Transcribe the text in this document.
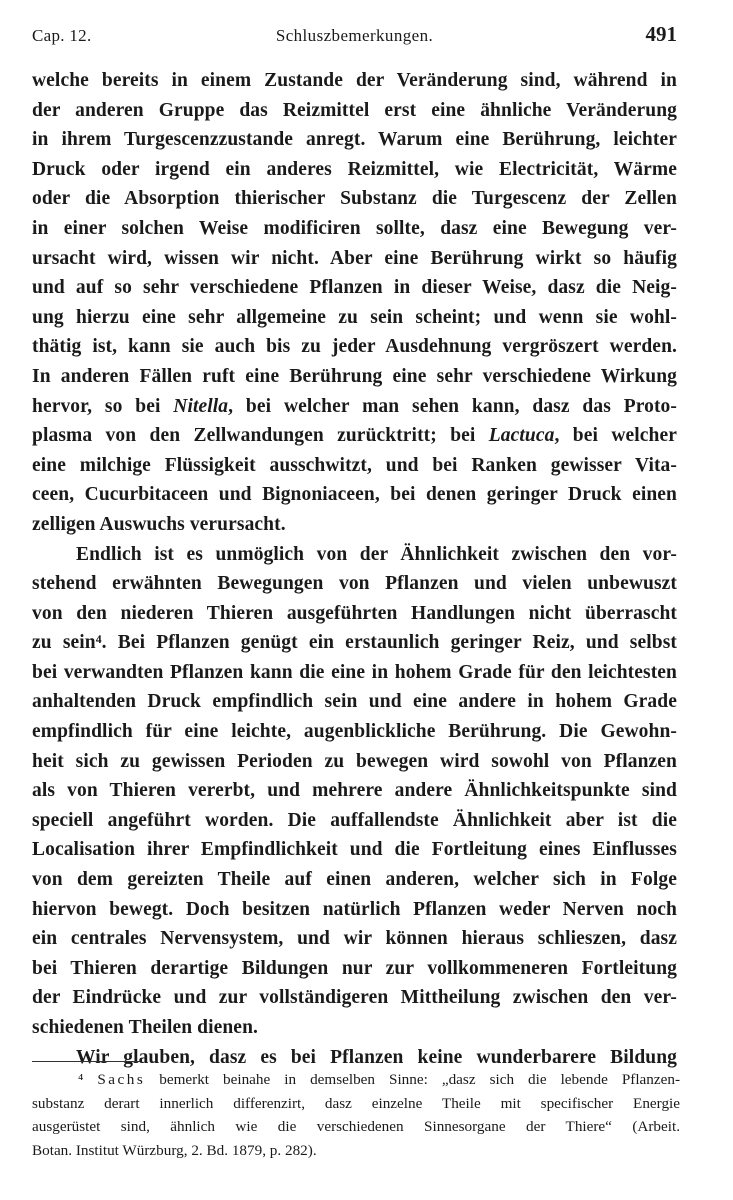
Cap. 12.	Schluszbemerkungen.	491
welche bereits in einem Zustande der Veränderung sind, während in
der anderen Gruppe das Reizmittel erst eine ähnliche Veränderung
in ihrem Turgescenzzustande anregt. Warum eine Berührung, leichter
Druck oder irgend ein anderes Reizmittel, wie Electricität, Wärme
oder die Absorption thierischer Substanz die Turgescenz der Zellen
in einer solchen Weise modificiren sollte, dasz eine Bewegung ver-
ursacht wird, wissen wir nicht. Aber eine Berührung wirkt so häufig
und auf so sehr verschiedene Pflanzen in dieser Weise, dasz die Neig-
ung hierzu eine sehr allgemeine zu sein scheint; und wenn sie wohl-
thätig ist, kann sie auch bis zu jeder Ausdehnung vergröszert werden.
In anderen Fällen ruft eine Berührung eine sehr verschiedene Wirkung
hervor, so bei Nitella, bei welcher man sehen kann, dasz das Proto-
plasma von den Zellwandungen zurücktritt; bei Lactuca, bei welcher
eine milchige Flüssigkeit ausschwitzt, und bei Ranken gewisser Vita-
ceen, Cucurbitaceen und Bignoniaceen, bei denen geringer Druck einen
zelligen Auswuchs verursacht.
Endlich ist es unmöglich von der Ähnlichkeit zwischen den vor-
stehend erwähnten Bewegungen von Pflanzen und vielen unbewuszt
von den niederen Thieren ausgeführten Handlungen nicht überrascht
zu sein⁴. Bei Pflanzen genügt ein erstaunlich geringer Reiz, und selbst
bei verwandten Pflanzen kann die eine in hohem Grade für den leichtesten
anhaltenden Druck empfindlich sein und eine andere in hohem Grade
empfindlich für eine leichte, augenblickliche Berührung. Die Gewohn-
heit sich zu gewissen Perioden zu bewegen wird sowohl von Pflanzen
als von Thieren vererbt, und mehrere andere Ähnlichkeitspunkte sind
speciell angeführt worden. Die auffallendste Ähnlichkeit aber ist die
Localisation ihrer Empfindlichkeit und die Fortleitung eines Einflusses
von dem gereizten Theile auf einen anderen, welcher sich in Folge
hiervon bewegt. Doch besitzen natürlich Pflanzen weder Nerven noch
ein centrales Nervensystem, und wir können hieraus schlieszen, dasz
bei Thieren derartige Bildungen nur zur vollkommeneren Fortleitung
der Eindrücke und zur vollständigeren Mittheilung zwischen den ver-
schiedenen Theilen dienen.
Wir glauben, dasz es bei Pflanzen keine wunderbarere Bildung
⁴ Sachs bemerkt beinahe in demselben Sinne: „dasz sich die lebende Pflanzen-
substanz derart innerlich differenzirt, dasz einzelne Theile mit specifischer Energie
ausgerüstet sind, ähnlich wie die verschiedenen Sinnesorgane der Thiere“ (Arbeit.
Botan. Institut Würzburg, 2. Bd. 1879, p. 282).
